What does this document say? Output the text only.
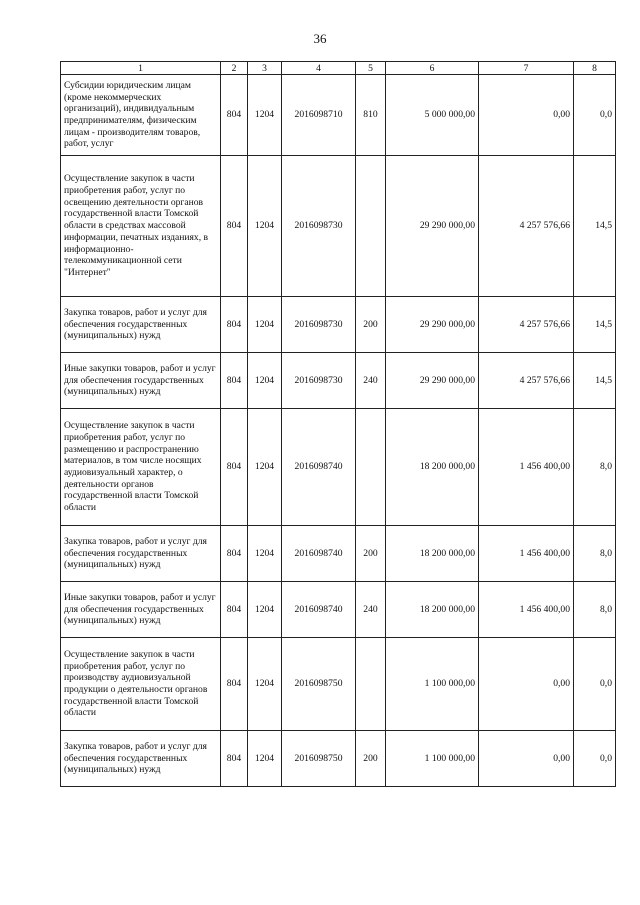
36
1	2	3	4	5	6	7	8
Субсидии юридическим лицам (кроме некоммерческих организаций), индивидуальным предпринимателям, физическим лицам - производителям товаров, работ, услуг	804	1204	2016098710	810	5 000 000,00	0,00	0,0
Осуществление закупок в части приобретения работ, услуг по освещению деятельности органов государственной власти Томской области в средствах массовой информации, печатных изданиях, в информационно-телекоммуникационной сети "Интернет"	804	1204	2016098730		29 290 000,00	4 257 576,66	14,5
Закупка товаров, работ и услуг для обеспечения государственных (муниципальных) нужд	804	1204	2016098730	200	29 290 000,00	4 257 576,66	14,5
Иные закупки товаров, работ и услуг для обеспечения государственных (муниципальных) нужд	804	1204	2016098730	240	29 290 000,00	4 257 576,66	14,5
Осуществление закупок в части приобретения работ, услуг по размещению и распространению материалов, в том числе носящих аудиовизуальный характер, о деятельности органов государственной власти Томской области	804	1204	2016098740		18 200 000,00	1 456 400,00	8,0
Закупка товаров, работ и услуг для обеспечения государственных (муниципальных) нужд	804	1204	2016098740	200	18 200 000,00	1 456 400,00	8,0
Иные закупки товаров, работ и услуг для обеспечения государственных (муниципальных) нужд	804	1204	2016098740	240	18 200 000,00	1 456 400,00	8,0
Осуществление закупок в части приобретения работ, услуг по производству аудиовизуальной продукции о деятельности органов государственной власти Томской области	804	1204	2016098750		1 100 000,00	0,00	0,0
Закупка товаров, работ и услуг для обеспечения государственных (муниципальных) нужд	804	1204	2016098750	200	1 100 000,00	0,00	0,0
